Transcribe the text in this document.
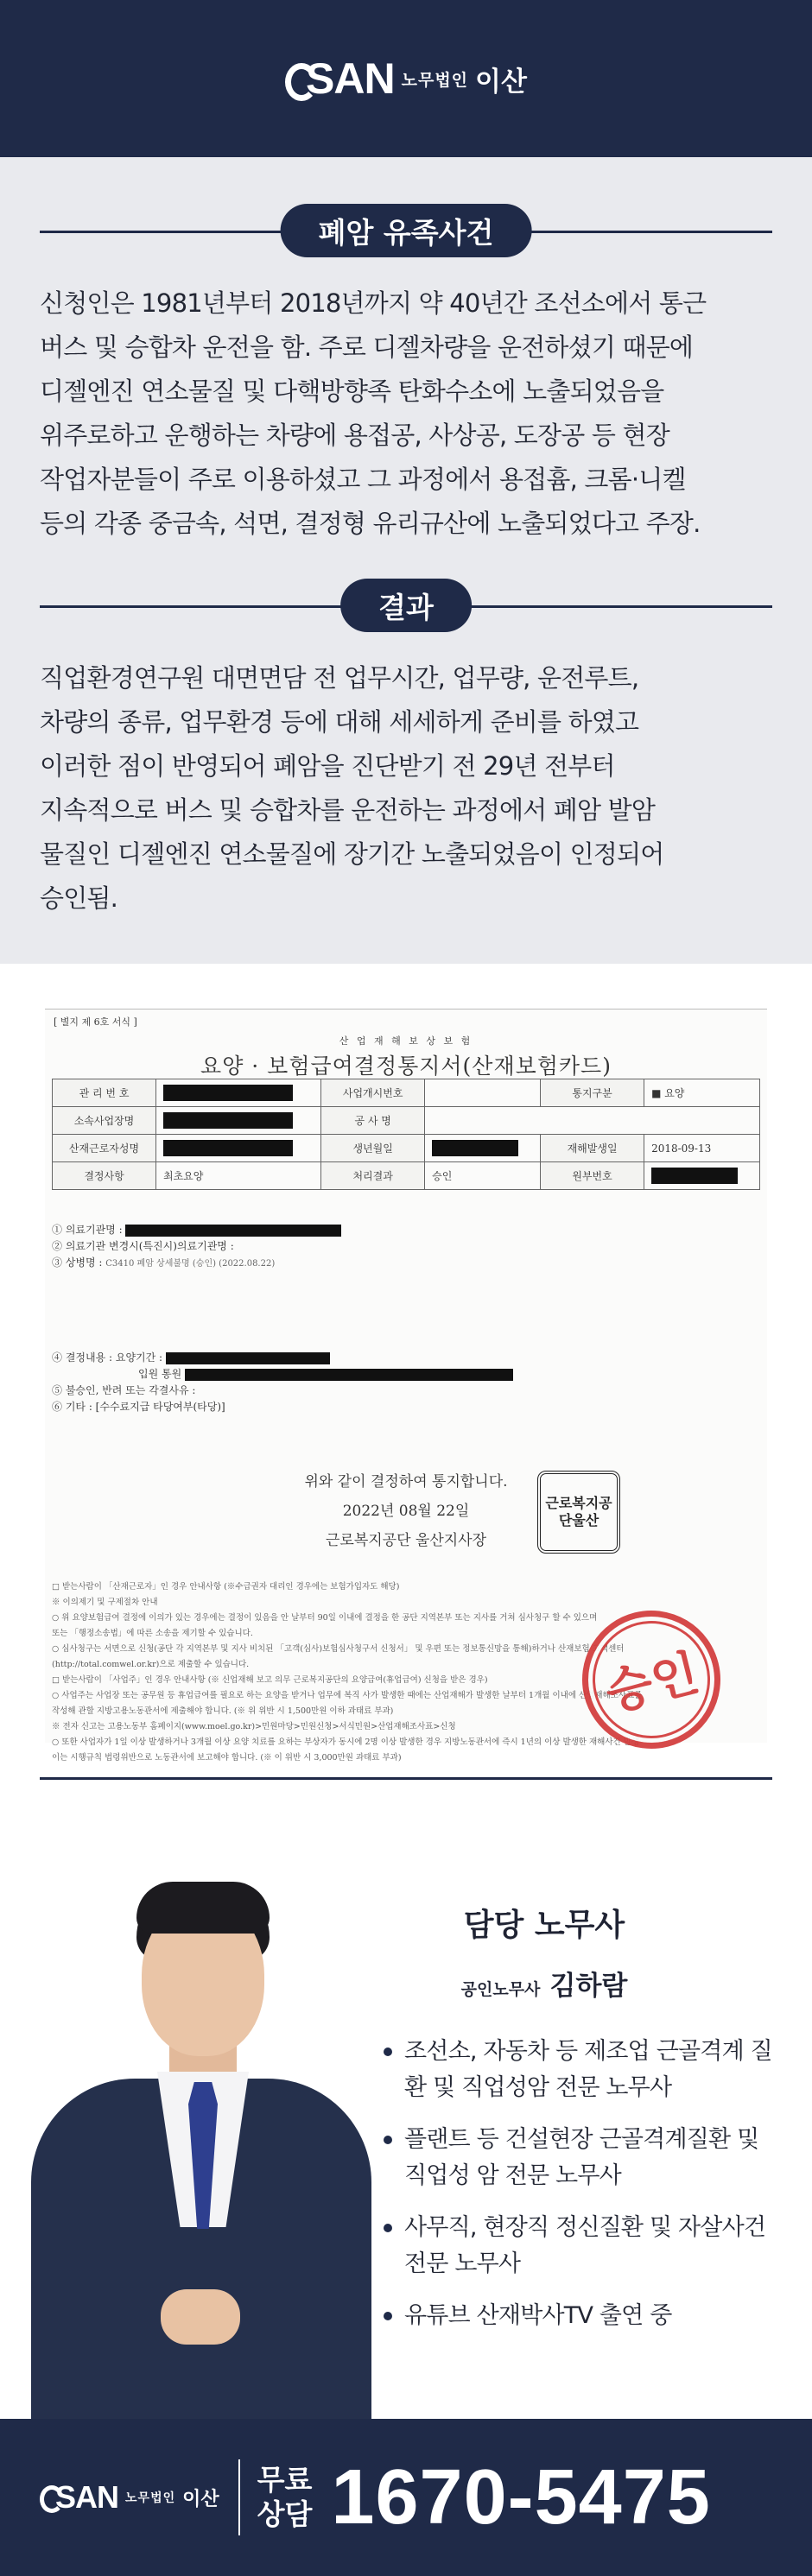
SAN 노무법인 이산
폐암 유족사건
신청인은 1981년부터 2018년까지 약 40년간 조선소에서 통근
버스 및 승합차 운전을 함. 주로 디젤차량을 운전하셨기 때문에
디젤엔진 연소물질 및 다핵방향족 탄화수소에 노출되었음을
위주로하고 운행하는 차량에 용접공, 사상공, 도장공 등 현장
작업자분들이 주로 이용하셨고 그 과정에서 용접흄, 크롬·니켈
등의 각종 중금속, 석면, 결정형 유리규산에 노출되었다고 주장.
결과
직업환경연구원 대면면담 전 업무시간, 업무량, 운전루트,
차량의 종류, 업무환경 등에 대해 세세하게 준비를 하였고
이러한 점이 반영되어 폐암을 진단받기 전 29년 전부터
지속적으로 버스 및 승합차를 운전하는 과정에서 폐암 발암
물질인 디젤엔진 연소물질에 장기간 노출되었음이 인정되어
승인됨.
[ 별지 제 6호 서식 ]
산 업 재 해 보 상 보 험
요양 · 보험급여결정통지서(산재보험카드)
관 리 번 호		사업개시번호		통지구분	■ 요양
소속사업장명		공 사 명			
산재근로자성명		생년월일		재해발생일	2018-09-13
결정사항	최초요양	처리결과	승인	원부번호	
① 의료기관명 :
② 의료기관 변경시(특진시)의료기관명 :
③ 상병명 : C3410 폐암 상세불명 (승인) (2022.08.22)
④ 결정내용 : 요양기간 :
입원 통원
⑤ 불승인, 반려 또는 각결사유 :
⑥ 기타 : [수수료지급 타당여부(타당)]
위와 같이 결정하여 통지합니다.
2022년 08월 22일
근로복지공단 울산지사장
근로복지공단울산
□ 받는사람이 「산재근로자」인 경우 안내사항 (※수급권자 대리인 경우에는 보험가입자도 해당)
※ 이의제기 및 구제절차 안내
○ 위 요양보험급여 결정에 이의가 있는 경우에는 결정이 있음을 안 날부터 90일 이내에 결정을 한 공단 지역본부 또는 지사를 거쳐 심사청구 할 수 있으며
또는 「행정소송법」에 따른 소송을 제기할 수 있습니다.
○ 심사청구는 서면으로 신청(공단 각 지역본부 및 지사 비치된 「고객(심사)보험심사청구서 신청서」 및 우편 또는 정보통신망을 통해)하거나 산재보험 고객센터
(http://total.comwel.or.kr)으로 제출할 수 있습니다.
□ 받는사람이 「사업주」인 경우 안내사항 (※ 신업재해 보고 의무 근로복지공단의 요양급여(휴업급여) 신청을 받은 경우)
○ 사업주는 사업장 또는 공무원 등 휴업급여를 필요로 하는 요양을 받거나 업무에 복직 사가 발생한 때에는 산업재해가 발생한 날부터 1개월 이내에 산업재해조사표를
작성해 관할 지방고용노동관서에 제출해야 합니다. (※ 위 위반 시 1,500만원 이하 과태료 부과)
※ 전자 신고는 고용노동부 홈페이지(www.moel.go.kr)>민원마당>민원신청>서식민원>산업재해조사표>신청
○ 또한 사업자가 1일 이상 발생하거나 3개월 이상 요양 치료를 요하는 부상자가 동시에 2명 이상 발생한 경우 지방노동관서에 즉시 1년의 이상 발생한 재해사건 발생
이는 시행규칙 법령위반으로 노동관서에 보고해야 합니다. (※ 이 위반 시 3,000만원 과태료 부과)
승인
담당 노무사
공인노무사 김하람
조선소, 자동차 등 제조업 근골격계 질환 및 직업성암 전문 노무사
플랜트 등 건설현장 근골격계질환 및 직업성 암 전문 노무사
사무직, 현장직 정신질환 및 자살사건 전문 노무사
유튜브 산재박사TV 출연 중
SAN 노무법인 이산
무료
상담 1670-5475
